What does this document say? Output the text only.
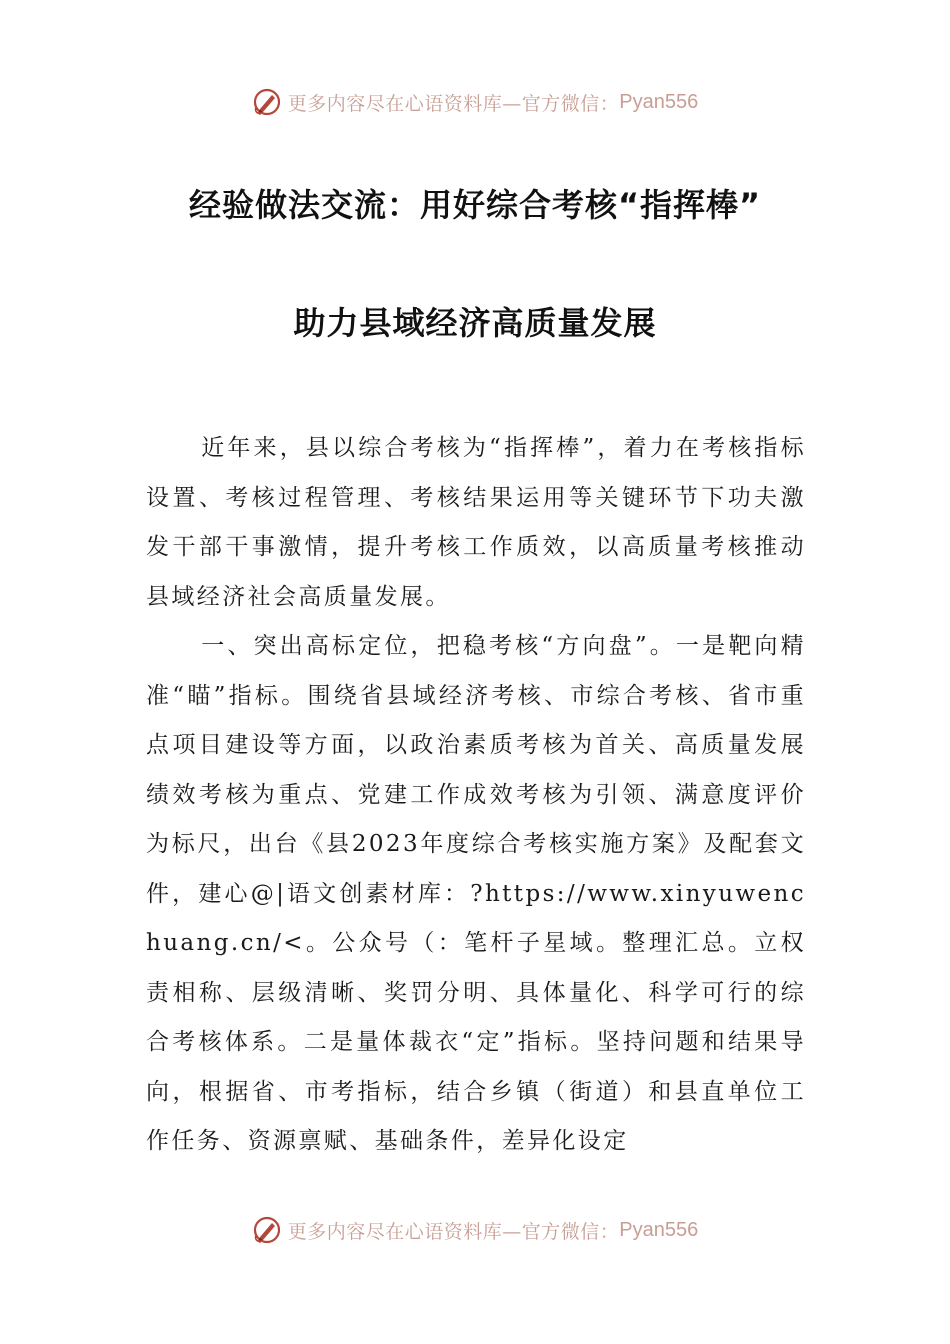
更多内容尽在心语资料库—官方微信： Pyan556
经验做法交流：用好综合考核“指挥棒”
助力县域经济高质量发展

近年来，县以综合考核为“指挥棒”，着力在考核指标设置、考核过程管理、考核结果运用等关键环节下功夫激发干部干事激情，提升考核工作质效，以高质量考核推动县域经济社会高质量发展。

一、突出高标定位，把稳考核“方向盘”。一是靶向精准“瞄”指标。围绕省县域经济考核、市综合考核、省市重点项目建设等方面，以政治素质考核为首关、高质量发展绩效考核为重点、党建工作成效考核为引领、满意度评价为标尺，出台《县2023年度综合考核实施方案》及配套文件，建心@|语文创素材库：?https://www.xinyuwenchuang.cn/<。公众号（：笔杆子星域。整理汇总。立权责相称、层级清晰、奖罚分明、具体量化、科学可行的综合考核体系。二是量体裁衣“定”指标。坚持问题和结果导向，根据省、市考指标，结合乡镇（街道）和县直单位工作任务、资源禀赋、基础条件，差异化设定

更多内容尽在心语资料库—官方微信： Pyan556
